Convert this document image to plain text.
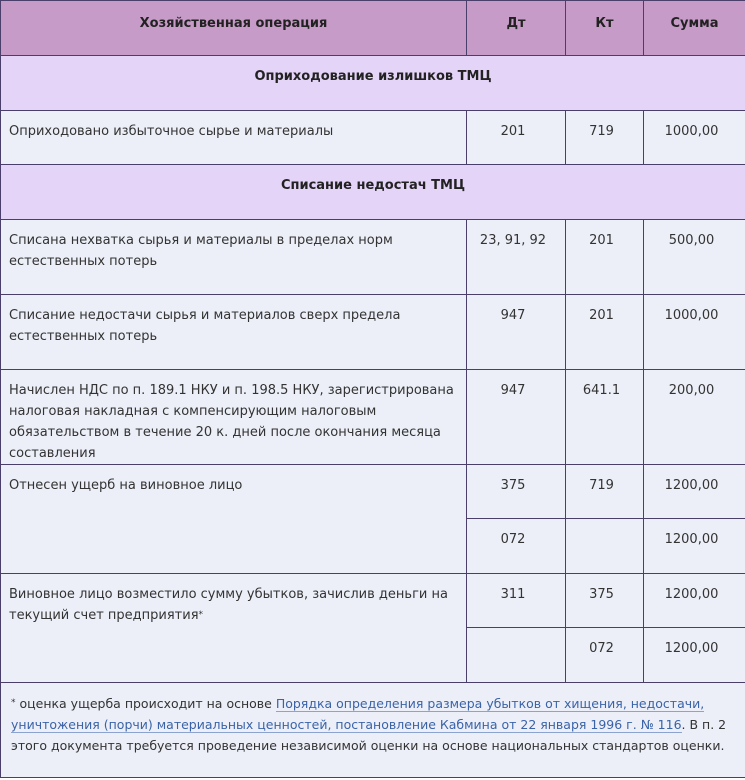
Хозяйственная операция	Дт	Кт	Сумма
Оприходование излишков ТМЦ			
Оприходовано избыточное сырье и материалы	201	719	1000,00
Списание недостач ТМЦ			
Списана нехватка сырья и материалы в пределах норм естественных потерь	23, 91, 92	201	500,00
Списание недостачи сырья и материалов сверх предела естественных потерь	947	201	1000,00
Начислен НДС по п. 189.1 НКУ и п. 198.5 НКУ, зарегистрирована налоговая накладная с компенсирующим налоговым обязательством в течение 20 к. дней после окончания месяца составления	947	641.1	200,00
Отнесен ущерб на виновное лицо	375	719	1200,00
	072		1200,00
Виновное лицо возместило сумму убытков, зачислив деньги на текущий счет предприятия*	311	375	1200,00
		072	1200,00
* оценка ущерба происходит на основе Порядка определения размера убытков от хищения, недостачи, уничтожения (порчи) материальных ценностей, постановление Кабмина от 22 января 1996 г. № 116. В п. 2 этого документа требуется проведение независимой оценки на основе национальных стандартов оценки.			
